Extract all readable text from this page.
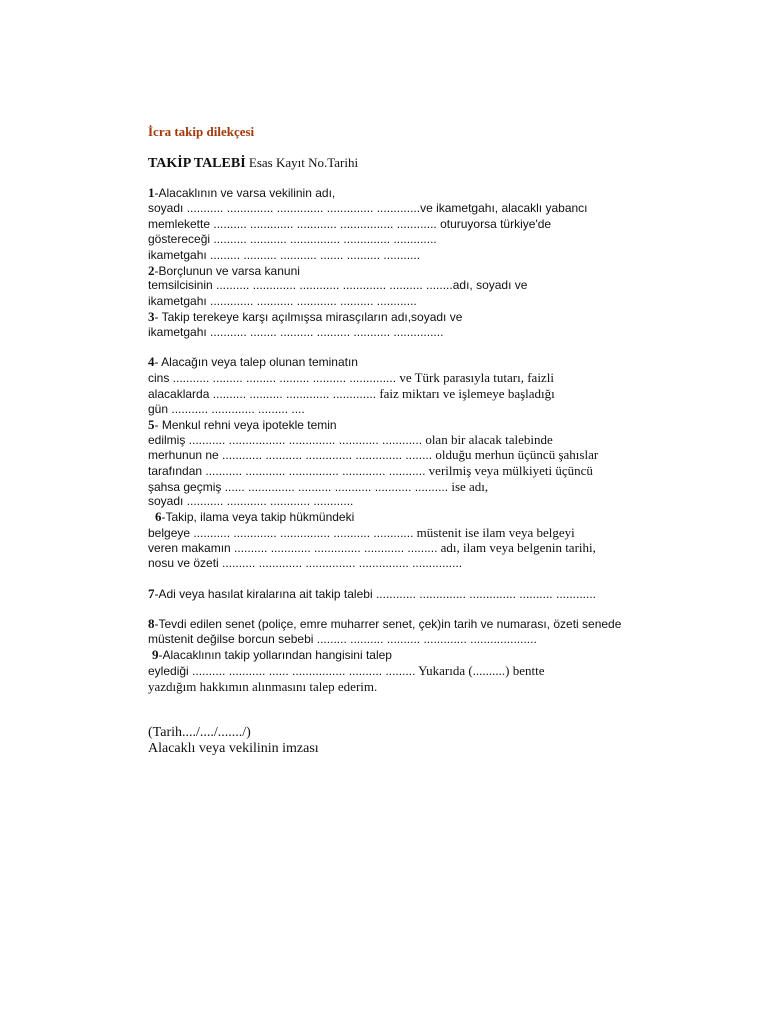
İcra takip dilekçesi
TAKİP TALEBİ Esas Kayıt No.Tarihi
1-Alacaklının ve varsa vekilinin adı,
soyadı ........... .............. .............. .............. .............ve ikametgahı, alacaklı yabancı
memlekette .......... ............. ............ ................ ............ oturuyorsa türkiye'de
göstereceği .......... ........... ............... .............. .............
ikametgahı ......... .......... ........... ....... .......... ...........
2-Borçlunun ve varsa kanuni
temsilcisinin .......... ............. ............ ............. .......... ........adı, soyadı ve
ikametgahı ............. ........... ............ .......... ............
3- Takip terekeye karşı açılmışsa mirasçıların adı,soyadı ve
ikametgahı ........... ........ .......... .......... ........... ...............
4- Alacağın veya talep olunan teminatın
cins ........... ......... ......... ......... .......... .............. ve Türk parasıyla tutarı, faizli
alacaklarda .......... .......... ............. ............. faiz miktarı ve işlemeye başladığı
gün ........... ............. ......... ....
5- Menkul rehni veya ipotekle temin
edilmiş ........... ................. .............. ............ ............ olan bir alacak talebinde
merhunun ne ............ ........... .............. .............. ........ olduğu merhun üçüncü şahıslar
tarafından ........... ............ ............... ............. ........... verilmiş veya mülkiyeti üçüncü
şahsa geçmiş ...... .............. .......... ........... ........... .......... ise adı,
soyadı ........... ............ ............ ............
6-Takip, ilama veya takip hükmündeki
belgeye ........... ............. ............... ........... ............ müstenit ise ilam veya belgeyi
veren makamın .......... ............ .............. ............ ......... adı, ilam veya belgenin tarihi,
nosu ve özeti .......... ............. ............... ............... ...............
7-Adi veya hasılat kiralarına ait takip talebi ............ .............. .............. .......... ............
8-Tevdi edilen senet (poliçe, emre muharrer senet, çek)in tarih ve numarası, özeti senede
müstenit değilse borcun sebebi ......... .......... .......... ............. ....................
9-Alacaklının takip yollarından hangisini talep
eylediği .......... ........... ...... ................ .......... ......... Yukarıda (..........) bentte
yazdığım hakkımın alınmasını talep ederim.
(Tarih..../..../......./)
Alacaklı veya vekilinin imzası
